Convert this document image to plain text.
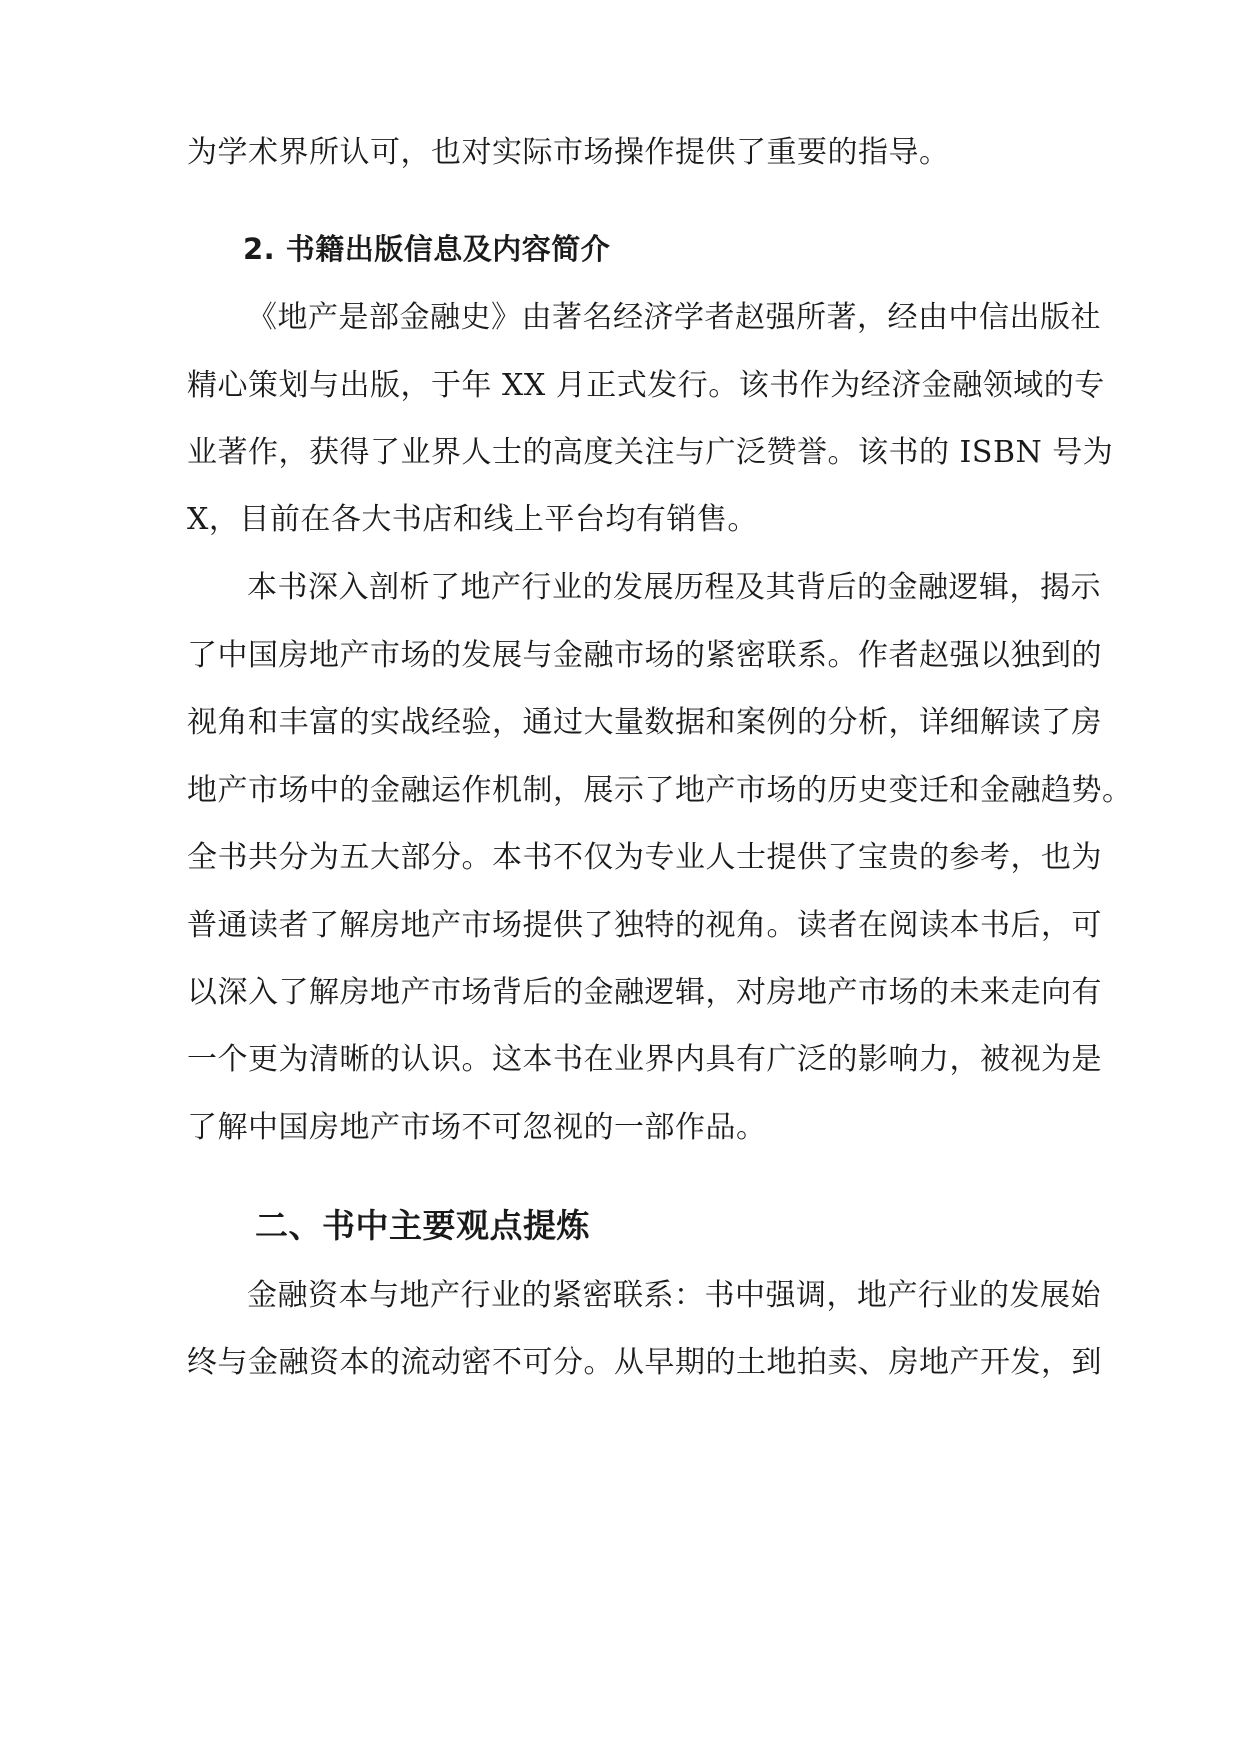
为学术界所认可，也对实际市场操作提供了重要的指导。
2. 书籍出版信息及内容简介
《地产是部金融史》由著名经济学者赵强所著，经由中信出版社
精心策划与出版，于年 XX 月正式发行。该书作为经济金融领域的专
业著作，获得了业界人士的高度关注与广泛赞誉。该书的 ISBN 号为
X，目前在各大书店和线上平台均有销售。
本书深入剖析了地产行业的发展历程及其背后的金融逻辑，揭示
了中国房地产市场的发展与金融市场的紧密联系。作者赵强以独到的
视角和丰富的实战经验，通过大量数据和案例的分析，详细解读了房
地产市场中的金融运作机制，展示了地产市场的历史变迁和金融趋势。
全书共分为五大部分。本书不仅为专业人士提供了宝贵的参考，也为
普通读者了解房地产市场提供了独特的视角。读者在阅读本书后，可
以深入了解房地产市场背后的金融逻辑，对房地产市场的未来走向有
一个更为清晰的认识。这本书在业界内具有广泛的影响力，被视为是
了解中国房地产市场不可忽视的一部作品。
二、书中主要观点提炼
金融资本与地产行业的紧密联系：书中强调，地产行业的发展始
终与金融资本的流动密不可分。从早期的土地拍卖、房地产开发，到
